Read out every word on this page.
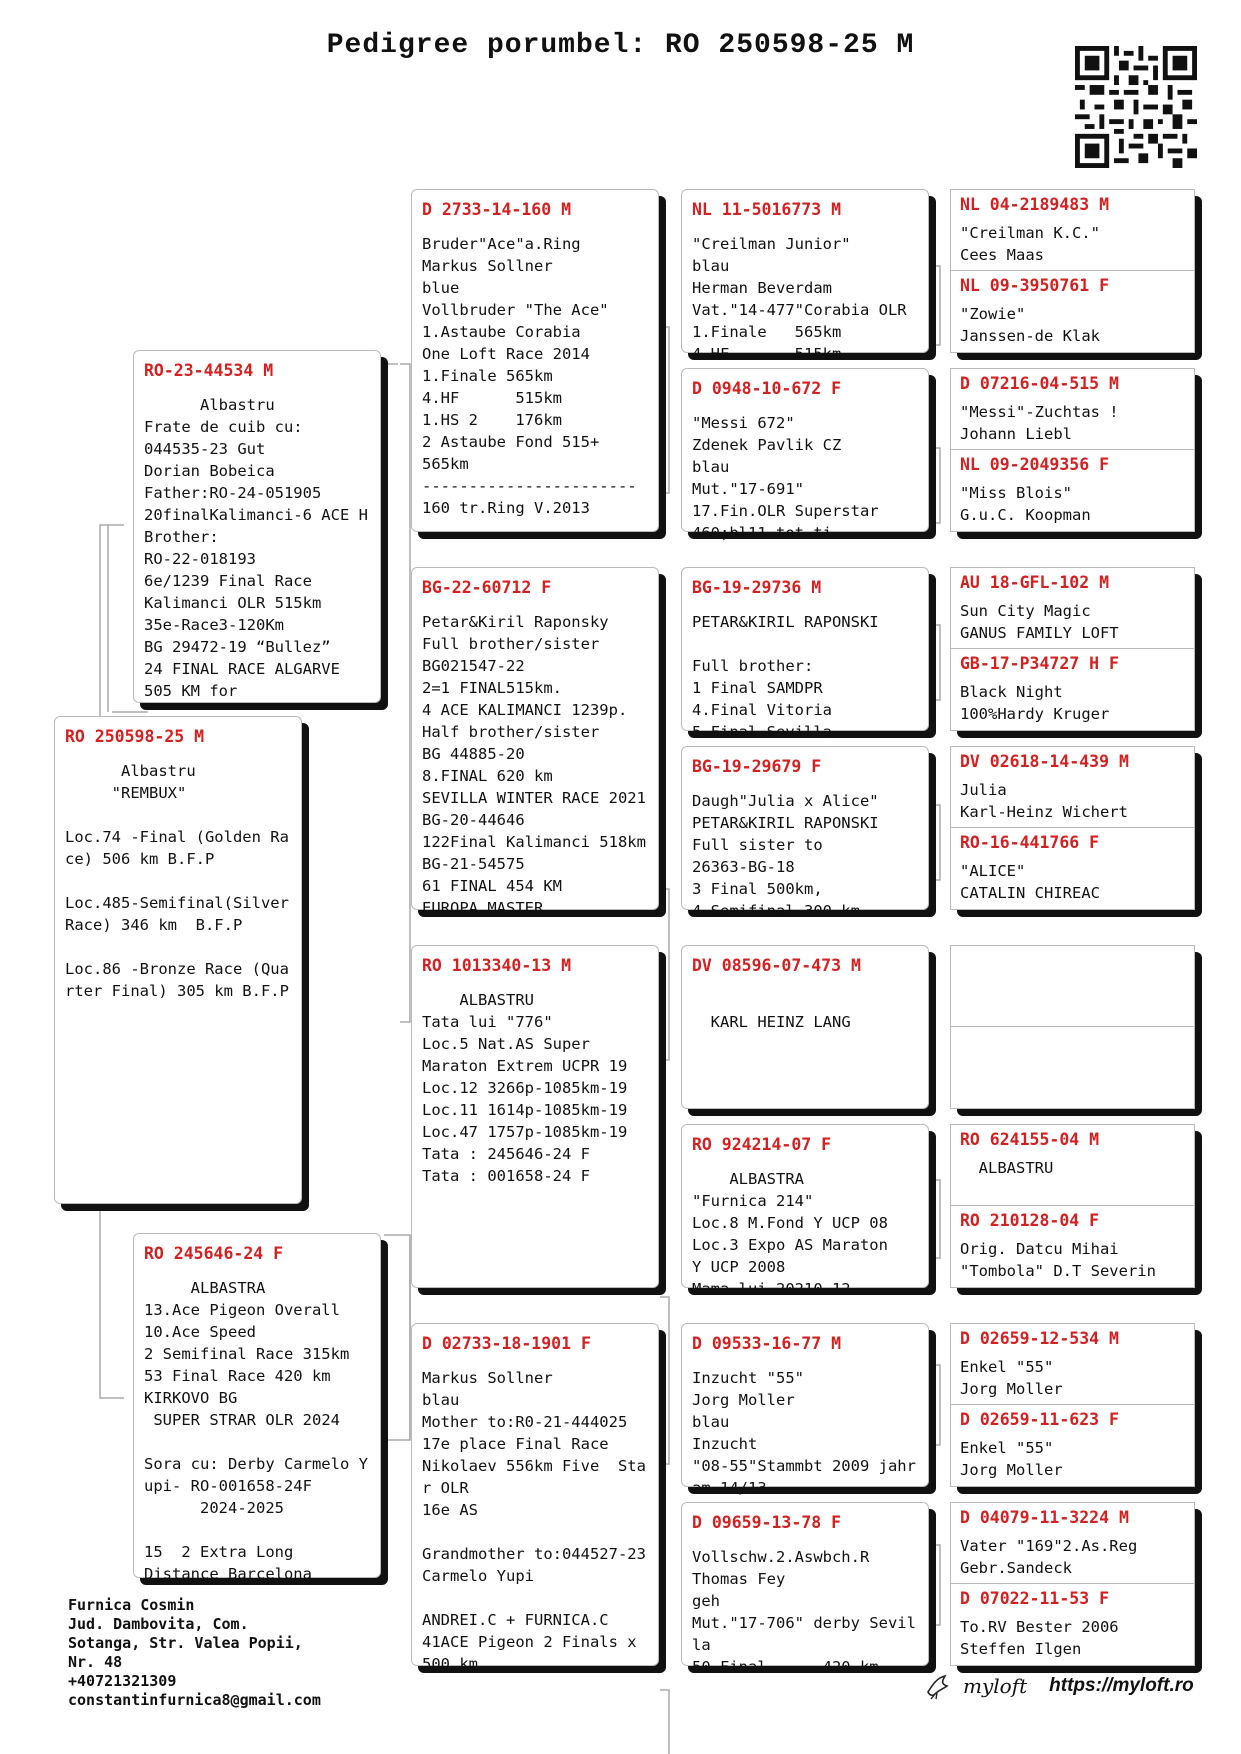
Pedigree porumbel: RO 250598-25 M
RO 250598-25 M
Albastru
"REMBUX"

Loc.74 -Final (Golden Race) 506 km B.F.P

Loc.485-Semifinal(Silver Race) 346 km  B.F.P

Loc.86 -Bronze Race (Quarter Final) 305 km B.F.P
RO-23-44534 M
Albastru
Frate de cuib cu:
044535-23 Gut
Dorian Bobeica
Father:RO-24-051905
20finalKalimanci-6 ACE H Brother:
RO-22-018193
6e/1239 Final Race
Kalimanci OLR 515km
35e-Race3-120Km
BG 29472-19 “Bullez”
24 FINAL RACE ALGARVE
505 KM for
RO 245646-24 F
ALBASTRA
13.Ace Pigeon Overall
10.Ace Speed
2 Semifinal Race 315km
53 Final Race 420 km
KIRKOVO BG
SUPER STRAR OLR 2024

Sora cu: Derby Carmelo Yupi- RO-001658-24F
2024-2025

15  2 Extra Long
Distance Barcelona
D 2733-14-160 M
Bruder"Ace"a.Ring
Markus Sollner
blue
Vollbruder "The Ace"
1.Astaube Corabia
One Loft Race 2014
1.Finale 565km
4.HF      515km
1.HS 2    176km
2 Astaube Fond 515+
565km
-----------------------
160 tr.Ring V.2013
BG-22-60712 F
Petar&Kiril Raponsky
Full brother/sister
BG021547-22
2=1 FINAL515km.
4 ACE KALIMANCI 1239p.
Half brother/sister
BG 44885-20
8.FINAL 620 km
SEVILLA WINTER RACE 2021
BG-20-44646
122Final Kalimanci 518km
BG-21-54575
61 FINAL 454 KM
EUROPA MASTER
RO 1013340-13 M
ALBASTRU
Tata lui "776"
Loc.5 Nat.AS Super
Maraton Extrem UCPR 19
Loc.12 3266p-1085km-19
Loc.11 1614p-1085km-19
Loc.47 1757p-1085km-19
Tata : 245646-24 F
Tata : 001658-24 F
D 02733-18-1901 F
Markus Sollner
blau
Mother to:R0-21-444025
17e place Final Race
Nikolaev 556km Five  Star OLR
16e AS

Grandmother to:044527-23
Carmelo Yupi

ANDREI.C + FURNICA.C
41ACE Pigeon 2 Finals x
500 km
NL 11-5016773 M
"Creilman Junior"
blau
Herman Beverdam
Vat."14-477"Corabia OLR
1.Finale   565km
4.HF       515km
D 0948-10-672 F
"Messi 672"
Zdenek Pavlik CZ
blau
Mut."17-691"
17.Fin.OLR Superstar
460;bl11 tot ti
BG-19-29736 M
PETAR&KIRIL RAPONSKI

Full brother:
1 Final SAMDPR
4.Final Vitoria
5.Final Sevilla
BG-19-29679 F
Daugh"Julia x Alice"
PETAR&KIRIL RAPONSKI
Full sister to
26363-BG-18
3 Final 500km,
4 Semifinal 300 km
DV 08596-07-473 M

KARL HEINZ LANG
RO 924214-07 F
ALBASTRA
"Furnica 214"
Loc.8 M.Fond Y UCP 08
Loc.3 Expo AS Maraton
Y UCP 2008
Mama lui 20210-12
D 09533-16-77 M
Inzucht "55"
Jorg Moller
blau
Inzucht
"08-55"Stammbt 2009 jahr
am 14/13
D 09659-13-78 F
Vollschw.2.Aswbch.R
Thomas Fey
geh
Mut."17-706" derby Sevilla
50 Final      420 km
NL 04-2189483 M
"Creilman K.C."
Cees Maas
NL 09-3950761 F
"Zowie"
Janssen-de Klak
D 07216-04-515 M
"Messi"-Zuchtas !
Johann Liebl
NL 09-2049356 F
"Miss Blois"
G.u.C. Koopman
AU 18-GFL-102 M
Sun City Magic
GANUS FAMILY LOFT
GB-17-P34727 H F
Black Night
100%Hardy Kruger
DV 02618-14-439 M
Julia
Karl-Heinz Wichert
RO-16-441766 F
"ALICE"
CATALIN CHIREAC
RO 624155-04 M
ALBASTRU
RO 210128-04 F
Orig. Datcu Mihai
"Tombola" D.T Severin
D 02659-12-534 M
Enkel "55"
Jorg Moller
D 02659-11-623 F
Enkel "55"
Jorg Moller
D 04079-11-3224 M
Vater "169"2.As.Reg
Gebr.Sandeck
D 07022-11-53 F
To.RV Bester 2006
Steffen Ilgen
Furnica Cosmin
Jud. Dambovita, Com.
Sotanga, Str. Valea Popii,
Nr. 48
+40721321309
constantinfurnica8@gmail.com
myloft https://myloft.ro
